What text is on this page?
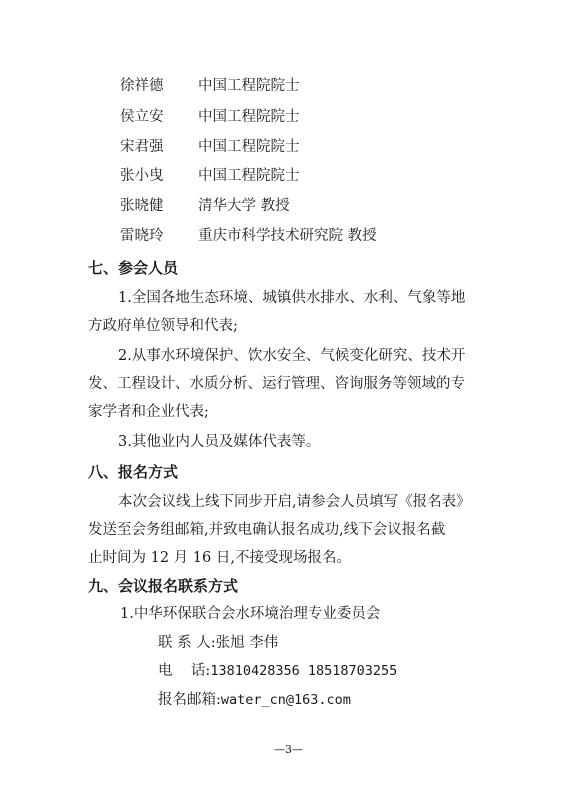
徐祥德 中国工程院院士
侯立安 中国工程院院士
宋君强 中国工程院院士
张小曳 中国工程院院士
张晓健 清华大学 教授
雷晓玲 重庆市科学技术研究院 教授
七、参会人员
1.全国各地生态环境、城镇供水排水、水利、气象等地
方政府单位领导和代表;
2.从事水环境保护、饮水安全、气候变化研究、技术开
发、工程设计、水质分析、运行管理、咨询服务等领域的专
家学者和企业代表;
3.其他业内人员及媒体代表等。
八、报名方式
本次会议线上线下同步开启,请参会人员填写《报名表》
发送至会务组邮箱,并致电确认报名成功,线下会议报名截
止时间为 12 月 16 日,不接受现场报名。
九、会议报名联系方式
1.中华环保联合会水环境治理专业委员会
联 系 人:张旭 李伟
电    话:13810428356 18518703255
报名邮箱:water_cn@163.com
—3—
